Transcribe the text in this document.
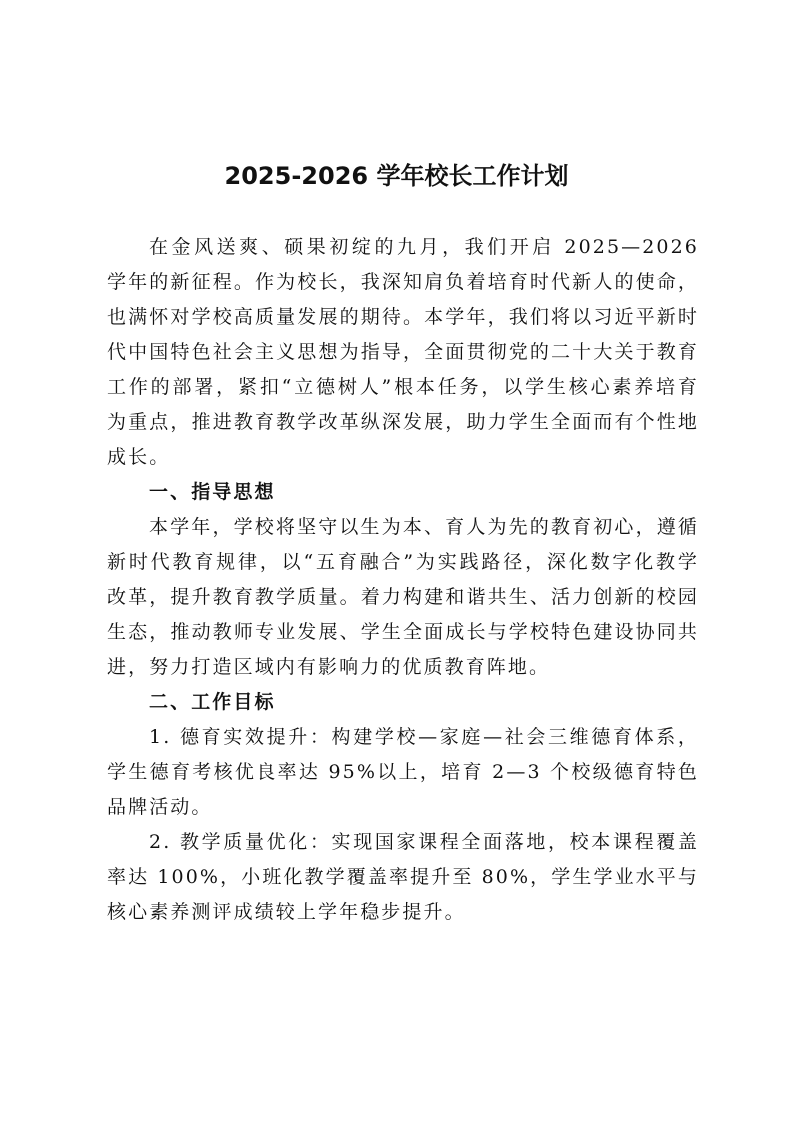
2025-2026 学年校长工作计划

在金风送爽、硕果初绽的九月，我们开启 2025—2026 学年的新征程。作为校长，我深知肩负着培育时代新人的使命，也满怀对学校高质量发展的期待。本学年，我们将以习近平新时代中国特色社会主义思想为指导，全面贯彻党的二十大关于教育工作的部署，紧扣“立德树人”根本任务，以学生核心素养培育为重点，推进教育教学改革纵深发展，助力学生全面而有个性地成长。

一、指导思想

本学年，学校将坚守以生为本、育人为先的教育初心，遵循新时代教育规律，以“五育融合”为实践路径，深化数字化教学改革，提升教育教学质量。着力构建和谐共生、活力创新的校园生态，推动教师专业发展、学生全面成长与学校特色建设协同共进，努力打造区域内有影响力的优质教育阵地。

二、工作目标

1. 德育实效提升：构建学校—家庭—社会三维德育体系，学生德育考核优良率达 95%以上，培育 2—3 个校级德育特色品牌活动。

2. 教学质量优化：实现国家课程全面落地，校本课程覆盖率达 100%，小班化教学覆盖率提升至 80%，学生学业水平与核心素养测评成绩较上学年稳步提升。
